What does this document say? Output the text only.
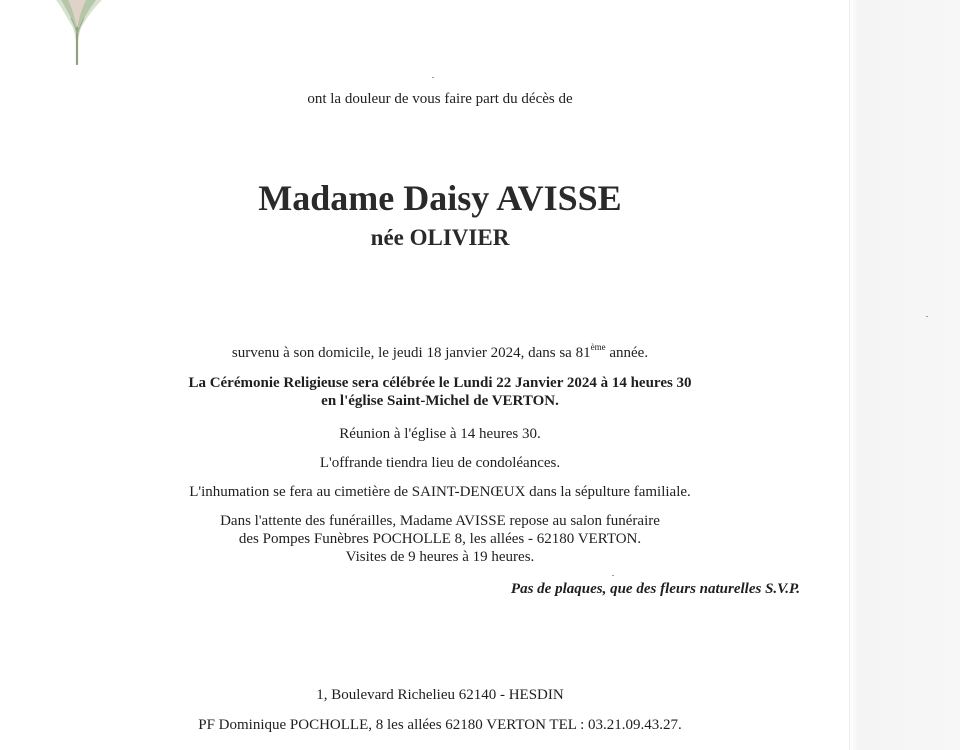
ont la douleur de vous faire part du décès de
Madame Daisy AVISSE
née OLIVIER
survenu à son domicile, le jeudi 18 janvier 2024, dans sa 81ème année.
La Cérémonie Religieuse sera célébrée le Lundi 22 Janvier 2024 à 14 heures 30
en l'église Saint-Michel de VERTON.
Réunion à l'église à 14 heures 30.
L'offrande tiendra lieu de condoléances.
L'inhumation se fera au cimetière de SAINT-DENŒUX dans la sépulture familiale.
Dans l'attente des funérailles, Madame AVISSE repose au salon funéraire
des Pompes Funèbres POCHOLLE 8, les allées - 62180 VERTON.
Visites de 9 heures à 19 heures.
Pas de plaques, que des fleurs naturelles S.V.P.
1, Boulevard Richelieu 62140 - HESDIN
PF Dominique POCHOLLE, 8 les allées 62180 VERTON TEL : 03.21.09.43.27.
